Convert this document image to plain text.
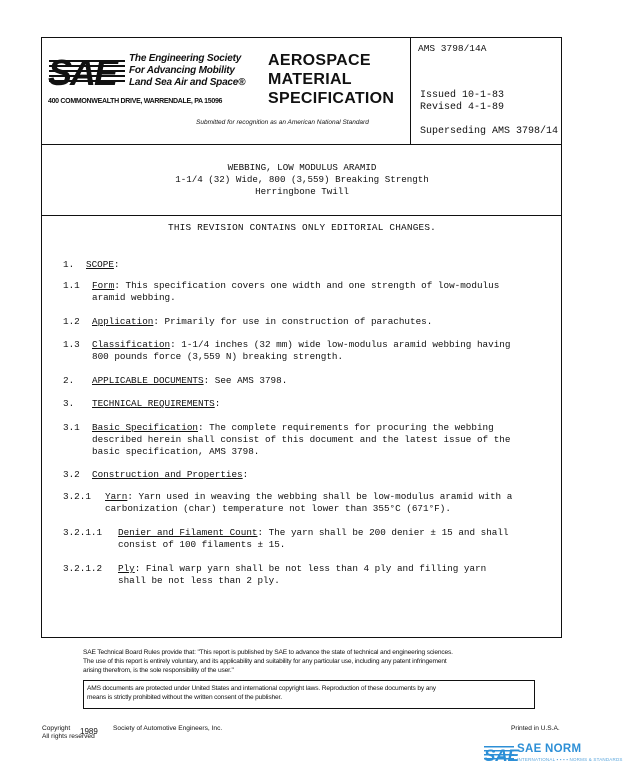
SAE The Engineering Society
For Advancing Mobility
Land Sea Air and Space®
400 COMMONWEALTH DRIVE, WARRENDALE, PA 15096
AEROSPACE
MATERIAL
SPECIFICATION
Submitted for recognition as an American National Standard
AMS 3798/14A
Issued 10-1-83
Revised 4-1-89
Superseding AMS 3798/14
WEBBING, LOW MODULUS ARAMID
1-1/4 (32) Wide, 800 (3,559) Breaking Strength
Herringbone Twill
THIS REVISION CONTAINS ONLY EDITORIAL CHANGES.
1. SCOPE:
1.1 Form: This specification covers one width and one strength of low-modulus
aramid webbing.
1.2 Application: Primarily for use in construction of parachutes.
1.3 Classification: 1-1/4 inches (32 mm) wide low-modulus aramid webbing having
800 pounds force (3,559 N) breaking strength.
2. APPLICABLE DOCUMENTS: See AMS 3798.
3. TECHNICAL REQUIREMENTS:
3.1 Basic Specification: The complete requirements for procuring the webbing
described herein shall consist of this document and the latest issue of the
basic specification, AMS 3798.
3.2 Construction and Properties:
3.2.1 Yarn: Yarn used in weaving the webbing shall be low-modulus aramid with a
carbonization (char) temperature not lower than 355°C (671°F).
3.2.1.1 Denier and Filament Count: The yarn shall be 200 denier ± 15 and shall
consist of 100 filaments ± 15.
3.2.1.2 Ply: Final warp yarn shall be not less than 4 ply and filling yarn
shall be not less than 2 ply.
SAE Technical Board Rules provide that: "This report is published by SAE to advance the state of technical and engineering sciences.
The use of this report is entirely voluntary, and its applicability and suitability for any particular use, including any patent infringement
arising therefrom, is the sole responsibility of the user."
AMS documents are protected under United States and international copyright laws. Reproduction of these documents by any
means is strictly prohibited without the written consent of the publisher.
Copyright 1989 Society of Automotive Engineers, Inc.
All rights reserved
Printed in U.S.A.
SAE
SAE NORM
INTERNATIONAL ▪ ▪ ▪ ▪ NORMS & STANDARDS
